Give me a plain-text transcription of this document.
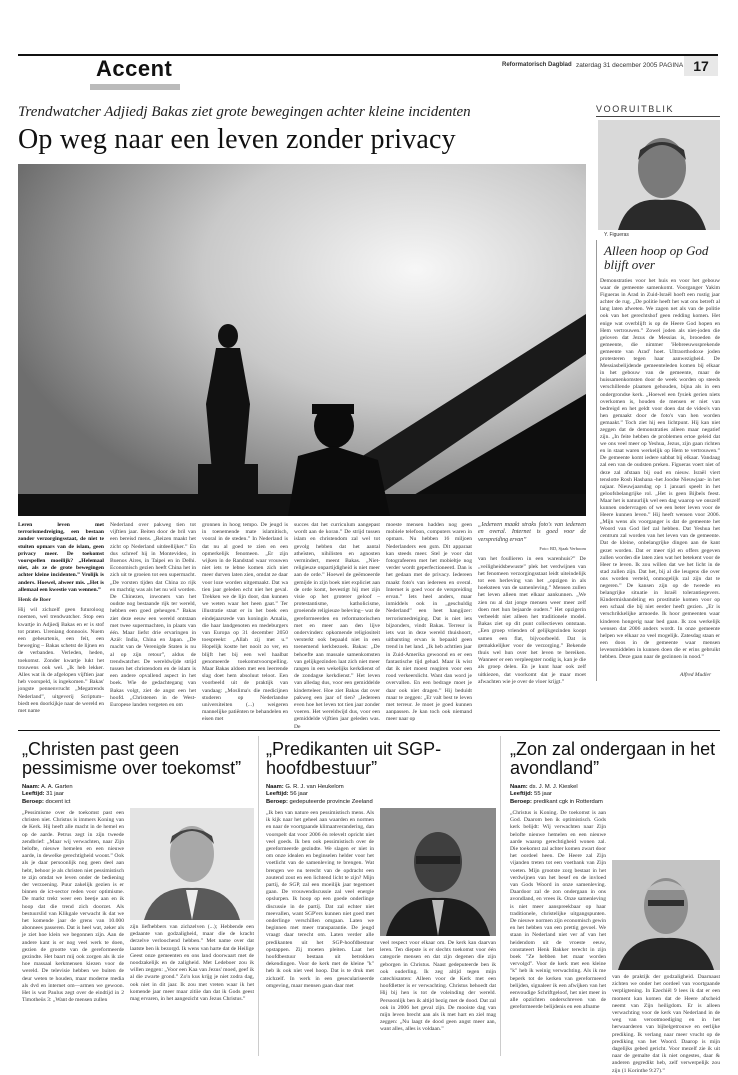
Accent	Reformatorisch Dagblad zaterdag 31 december 2005 PAGINA 17
Trendwatcher Adjiedj Bakas ziet grote bewegingen achter kleine incidenten
Op weg naar een leven zonder privacy
Leren leven met terrorismedreiging, een bestaan zonder verzorgingsstaat, de niet te stuiten opmars van de islam, geen privacy meer. De toekomst voorspellen moeilijk? „Helemaal niet, als ze de grote bewegingen achter kleine incidenten.” Vrolijk is anders. Hoewel, alweer mis. „Het is allemaal een kwestie van wennen.”
Henk de Boer
Hij wil zichzelf geen futuroloog noemen, wel trendwatcher. Stop een kwartje in Adjiedj Bakas en er is stof tot praten. Ureniang donnoois. Nuem een geheurtenis, een feit, een beweging – Bakas schetst de lijnen en de verbanden. Verleden, heden, toekomst. Zonder kwartje lukt het trouwens ook wel. „Ik heb lekker. Alles wat ik de afgelopen vijftien jaar heb voorspeld, is ingekomen.” Bakas' jongste pennenvrucht „Megatrends Nederland”, uitgeverij Scriptum– biedt een doorkijkje naar de wereld en met name
Nederland over pakweg tien tot vijftien jaar. Beiten door de bril van een bereisd mens. „Reizen maakt het zicht op Nederland uitdeellijker.” En dus schreef hij in Montevideo, in Buenos Aires, in Taipei en in Delhi. Economisch gezien heeft China het in zich uit te groeien tot een supermacht. „De vorsten tijden dat China zo rijk en machtig was als het nu wil worden. De Chinezen, inwoners van het oudste nog bestaande rijk ter wereld, hebben een goed geheugen.” Bakas ziet deze eeuw een wereld ontstaan met twee supermachten, in plaats van één. Maar liefst drie ervaringen in Azië: India, China en Japan. „De macht van de Verenigde Staten is nu al op zijn retour”, aldus de trendwatcher. De wereldwijde strijd tussen het christendom en de islam is een andere opvallend aspect in het boek. Wie de gedachtegang van Bakas volgt, ziet de angst een het hoofd. „Christenen in de West-Europese landen vergeten en om
gronnen in hoog tempo. De jeugd is in toenemende mate islamitisch, vooral in de steden.” In Nederland is dat nu al goed te zien en een opmerkelijk fenomeen. „Er zijn wijken in de Randstad waar vrouwen niet iets te lebne komen zich niet meer durven laten zien, omdat ze daar voor loze worden uitgemaakt. Dat wa tien jaar geleden echt niet het geval. Trekken we de lijn door, dan kunnen we weten waar het heen gaat.” Ter illustratie staat er in het boek een eindejaarsrede van koningin Amalia, die haar landgenoten en medeburgers van Europa op 31 december 2050 toespreekt: „Allah zij met u.” Hopelijk kostte het nooit zo ver, en blijft het bij een wel haalbat genomeerde toekomstvoorspelling. Maar Bakas aldoen met een leerrende slag doet hem absoluut teloot. Een voorbeeld uit de praktijk van vandaag: „Moslima's die medicijnen studeren op Nederlandse universiteiten (...) weigeren mannelijke patiënten te behandelen en eisen met
succes dat het curriculum aangepast wordt aan de koran.” De strijd tussen islam en christendom zal wel tot gevolg hebben dat het aantal atheïsten, nihilisten en agnosten vermindert, meent Bakas. „Niet-religieuze onpartijdigheid is niet meer aan de orde.” Hoewel de geëmoeerde gemijde in zijn boek niet expliciet aan de orde komt, bevestigt hij met zijn visie op het groterer geloof –protestantisme, katholicisme, groeiende religieuze beleving– wat de gereformeerden en reformatorischen met en meer aan den lijve ondervinden: opkomende religiositeit versterkt ook bepaald niet in een toenemend kerkbezoek. Bakas: „De behoefte aan massale samenkomsten van gelijkgezinden laat zich niet meer rangen in een wekelijks kerkdienst of de zondagse kerkdienst.” Het leven van alledag dus, voor een gemiddelde kinderteleer. Hoe ziet Bakas dat over pakweg een jaar of tien? „Iedereen even hoe het leven tot tien jaar zonder voeren. Het wereldwijd dus, voor een gemiddelde vijftien jaar geleden was. De
moeste mensen hadden nog geen mobiele telefoon, computers waren in opmars. Nu hebben 16 miljoen Nederlanders een gsm. Dit apparaat kan steeds meer. Stel je voor dat fotografeeren met het mobieltje nog verder wordt geperfectioneerd. Dan is het gedaan met de privacy. Iedereen maakt foto's van iedereen en overal. Internet is goed voor de verspreiding ervan.” Iets heel anders, maar inmiddels ook in „geschuldig Nederland” een heet hangijzer: terrorismedreiging. Dat is niet iets bijzonders, vindt Bakas. Terreur is iets wat in deze wereld thuishoort, uitbarsting ervan is bepaald geen trend in het land. „Ik heb achttien jaar in Zuid-Amerika gewoond en er een fantastische tijd gehad. Maar ik wist dat ik niet moest reagiren voor een rood verkeerslicht. Want dan word je overvallen. En een bedrage moet je daar ook niet dragen.” Hij beduidt maar te zeggen: „Er valt best te leven met terreur. Je moet je goed kunnen aanpassen. Je kan toch ook niemand meer naar op
„Iedereen maakt straks foto's van iedereen en overal. Internet is goed voor de verspreiding ervan”
Foto: RD, Sjaak Verboom
van het foullieren in een warenhuis?” De „veiligheidsbewuste” plek het verdwijnen van het fenomeen verzorgingsstaat leidt uiteindelijk tot een herleving van het „opzigen in als hoeksteen van de samenleving.” Mensen zullen het leven alleen met elkaar aankunnen. „We zien nu al dat jonge mensen weer meer zelf doen met hun bejaarde ouders.” Het opzigerin verbeeldt niet alleen het traditionele model. Bakas ziet op dit punt collectieven ontstaan. „Een groep vrienden of gelijkgezinden koopt samen een flat, bijvoorbeeld. Dat is gemakkelijker voor de verzorging.” Bekende thuis wel hun over het leven te bereiken. Wanneer er een verpleegster nodig is, kan je die als groep delen. En je kunt haar ook zelf uitkiezen, dat voorkomt dat je maar moet afwachten wie je over de vloer krijgt.”
VOORUITBLIK
Y. Figueras
Alleen hoop op God blijft over
Demonstraties voor het huis en voor het gebouw waar de gemeente samenkomt. Voorganger Yakim Figueras in Arad in Zuid-Israël hoeft een rustig jaar achter de rug. „De politie heeft het wat ons betreft al lang laten afweten. We zagen net als van de politie ook van het gerechtshof geen redding komen. Het enige wat overblijft is op de Heere God hopen en Hem vertrouwen.” Zowel joden als niet-joden die geloven dat Jezus de Messias is, brooeden de gemeente, die nimmer 'Hebreeuwssprekende gemeente van Arad' hoet. Ultraorthodoxe joden protesteren tegen haar aanwezigheid. De Messiasbelijdende gemeenteleden komen bij elkaar in het gebouw van de gemeente, maar de huissamenkomsten door de week worden op steeds verschillende plaatsen gehouden, bijna als in een ondergrondse kerk. „Hoewel een fysiek gerien niets overkomen is, houden de mensen er niet van bedreigd en het geldt voor doen dat de video's van hen gemaakt door de foto's van hen worden gemaakt.” Toch ziet hij een lichtpunt. Hij kan niet zeggen dat de demonstraties alleen maar negatief zijn. „In feite hebben de problemen ertoe geleid dat we ons veel meer op Yeshua, Jezus, zijn gaan richten en in staat waren werkelijk op Hem te vertrouwen.” De gemeente komt iedere sabbat bij elkaar. Vandaag zal een van de oudsten preken. Figueras voert niet of deze zal afstaan bij oud en nieuw. Israël viert tenslotte Rosh Hashana -het Joodse Nieuwjaar- in het najaar. Nieuwjaarsdag op 1 januari speelt in het geloofsbelangrijke rol. „Het is geen Bijbels feest. Maar het is natuurlijk wel een dag waarop we onszelf kunnen ondervragen of we een beter leven voor de Heere kunnen leven.” Hij heeft wensen voor 2006. „Mijn wens als voorganger is dat de gemeente het Woord van God lief zal hebben. Dat Yeshua het centrum zal worden van het leven van de gemeente. Dat de kleine, onbelangrijke dingen aan de kant gezet worden. Dat er meer tijd en offers gegeven zullen worden die laten zien wat het betekent voor de Heer te leven. Ik zou willen dat we het licht in de stad zullen zijn. Dat het, bij al die leugens die over ons worden verteld, onmogelijk zal zijn dat te negeren.” De kansen zijn op de tweede en belangrijke situatie in Israël tolerantiegevers. Kindermishandeling en prostitutie komen voor op een schaal die bij niet eerder heeft gezien. „Er is verschrikkelijke armoede. Ik hoor gemeenten waar kinderen hongerig naar bed gaan. Ik zou werkelijk wensen dat 2006 anders wordt. In onze gemeente helpen we elkaar zo veel mogelijk. Zatesdag staan er een doos in de gemeente waar mensen levensmiddelen in kunnen doen die er erins gebruikt hebben. Deze gaan naar de gezinnen in nood.”
Alfred Mudler
„Christen past geen pessimisme over toekomst”
Naam: A. A. Garten
Leeftijd: 31 jaar
Beroep: docent ict
„Pessimisme over de toekomst past een christen niet. Christus is immers Koning van de Kerk. Hij heeft alle macht in de hemel en op de aarde. Petrus zegt in zijn tweede zendbrief: „Maar wij verwachten, naar Zijn beloftе, nieuwe hemelen en een nieuwe aarde, in dewelke gerechtigheid woont.” Ook als je daar persoonlijk nog geen deel aan hebt, behoor je als christen niet pessimistisch te zijn omdat we leven onder de bediening der verzoening. Puur zakelijk gezien is er binnen de ict-sector reden voor optimisme. De markt trekt weer een beetje aan en ik hoop dat die trend zich doorzet. Als bestuurslid van Klikgale verwacht ik dat we het komende jaar de grens van 10.000 abonnees passeren. Dat is heel wat, zeker als je ziet hoe klein we begonnen zijn. Aan de andere kant is er nog veel werk te doen, gezien de grootte van de gereformeerde gezindte. Het baart mij ook zorgen als ik zie hoe massaal kerkmensen kiezen voor de wereld. De televisie hebben we buiten de deur weten te houden, maar moderne media als dvd en internet om—armen we gewoon. Het is wat Paulus zegt over de eindtijd in 2 Timotheüs 3: „Want de mensen zullen
zijn liefhebbers van zichzelven (...); Hebbende een gedaante van godzaligheid, maar die de kracht derzelve verloochend hebben.” Met name over dat laatste ben ik bezorgd. Ik wens van harte dat de Heilige Geest onze gemeenten en ons land doorwaart met de noodzakelijk en de zaligheid. Met Ledeboer zou ik willen zeggen: „Voor een Kaa van Jezus' moed, geef ik al die zwarte grond.” Zo'n kus krijg je niet zodra dag, ook niet in dit jaar. Ik zou met vreten waar ik het komende jaar meer maar zitiie dan dat ik Gods geest mag ervaren, in het aangezicht van Jezus Christus.”
„Predikanten uit SGP-hoofdbestuur”
Naam: G. R. J. van Heukelom
Leeftijd: 56 jaar
Beroep: gedeputeerde provincie Zeeland
„Ik ben van nature een pessimistisch mens. Als ik kijk naar het geheel aan waarden en normen en naar de voortgaande klimaatverandering, dan voorspelt dat voor 2006 én relevelt opricht niet veel goeds. Ik ben ook pessimistisch over de gereformeerde gezindte. We slagen er niet in om onze idealen en beginselen helder voor het voetlicht van de samenleving te brengen. Wat brengen we nu terecht van de opdracht een zoutend zout en een lichtend licht te zijn? Mijn partij, de SGP, zal een moeilijk jaar tegemoet gaan. De vrouwendiscussie zal veel energie opslurpen. Ik hoop op een goede onderlinge discussie in de partij. Dat zal echter niet meevallen, want SGP'ers kunnen niet goed met onderlinge verschillen omgaan. Laten we beginnen met meer transparantie. De jeugd vraagt daar terecht om. Laten verder alle predikanten uit het SGP-hoofdbestuur opstappen. Zij moeten pleiten. Laat het hoofdbestuur bestaan uit betrokken dekendingen. Voor de kerk met de kleine "k" heb ik ook niet veel hoop. Dat is te druk met zichzelf. In werk in een geseculariseerde omgeving, maar mensen gaan daar met
veel respect voor elkaar om. De kerk kan daarvan leren. Ten diepste is er slechts toekomst voor één categorie mensen en dat zijn degenen die zijn geborgen in Christus. Naast gedeputeerde ben ik ook ouderling. Ik zeg altijd tegen mijn catechisanten: Alleen voor de Kerk met een hoofdletter is er verwachting. Christus behoedt dat Hij bij hen is tot de voleinding der wereld. Persoonlijk ben ik altijd bezig met de dood. Dat zal ook in 2006 het geval zijn. De mooiste dag van mijn leven brecht aan als ik met hart en ziel mag zeggen: „Nu laagt de dood geen angst meer aan, want alles, alles is voldaan.”
„Zon zal ondergaan in het avondland”
Naam: ds. J. M. J. Kieskel
Leeftijd: 55 jaar
Beroep: predikant cgk in Rotterdam
„Christus is Koning. De toekomst is aan God. Daarom ben ik optimistisch. Gods kerk belijdt: Wij verwachten naar Zijn belofte nieuwe hemelen en een nieuwe aarde waarop gerechtigheid wonen zal. Die toekomst zal achter komen zwart door het oordeel heen. De Heere zal Zijn vijanden treten tot een voetbank van Zijn voeten. Mijn grootste zorg bestaat in het verdwijnen van het besef en de invloed van Gods Woord in onze samenleving. Daardoor zal de zon ondergaan in ons avondland, en vrees ik. Onze samenleving is niet meer aanspreekbaar op haar traditionele, christelijke uitgangspunten. De nieuwe normen zijn economisch gewin en het hebben van een prettig gevoel. We staan in Nederland niet ver af van het heidendom uit de vroeste eeuw, constateert Henk Bakker terecht in zijn boek "Ze hebben het maar worden vervolgd". Voor de kerk met een kleine "k" heb ik weinig verwachting. Als ik me beperk tot de kerken van gereformeerd belijden, signaleer ik een afwijken van het eenvoudige Schriftgeloof, het niet meer in alle opzichten onderschreven van de gereformeerde belijdenis en een afname
van de praktijk der godzaligheid. Daarnaast zichten we onder het oordeel van voortgaande verpligtening. In Ezechiël 9 lees ik dat er een moment kan komen dat de Heere afscheid neemt van Zijn heiligdom. Er is alleen verwachting voor de kerk van Nederland in de weg van verootmoediging en in het herwaarderen van bijbelgetrouwe en eerlijke prediking. Ik verlang naar meer vrucht op de prediking van het Woord. Daarop is mijn dagelijks gebed gericht. Voor mezelf zie ik uit naar de gemalte dat ik niet ongestes, daar & anderen gegredikt heb, zelf verwerpelijk zou zijn (1 Korinthe 9:27).”
